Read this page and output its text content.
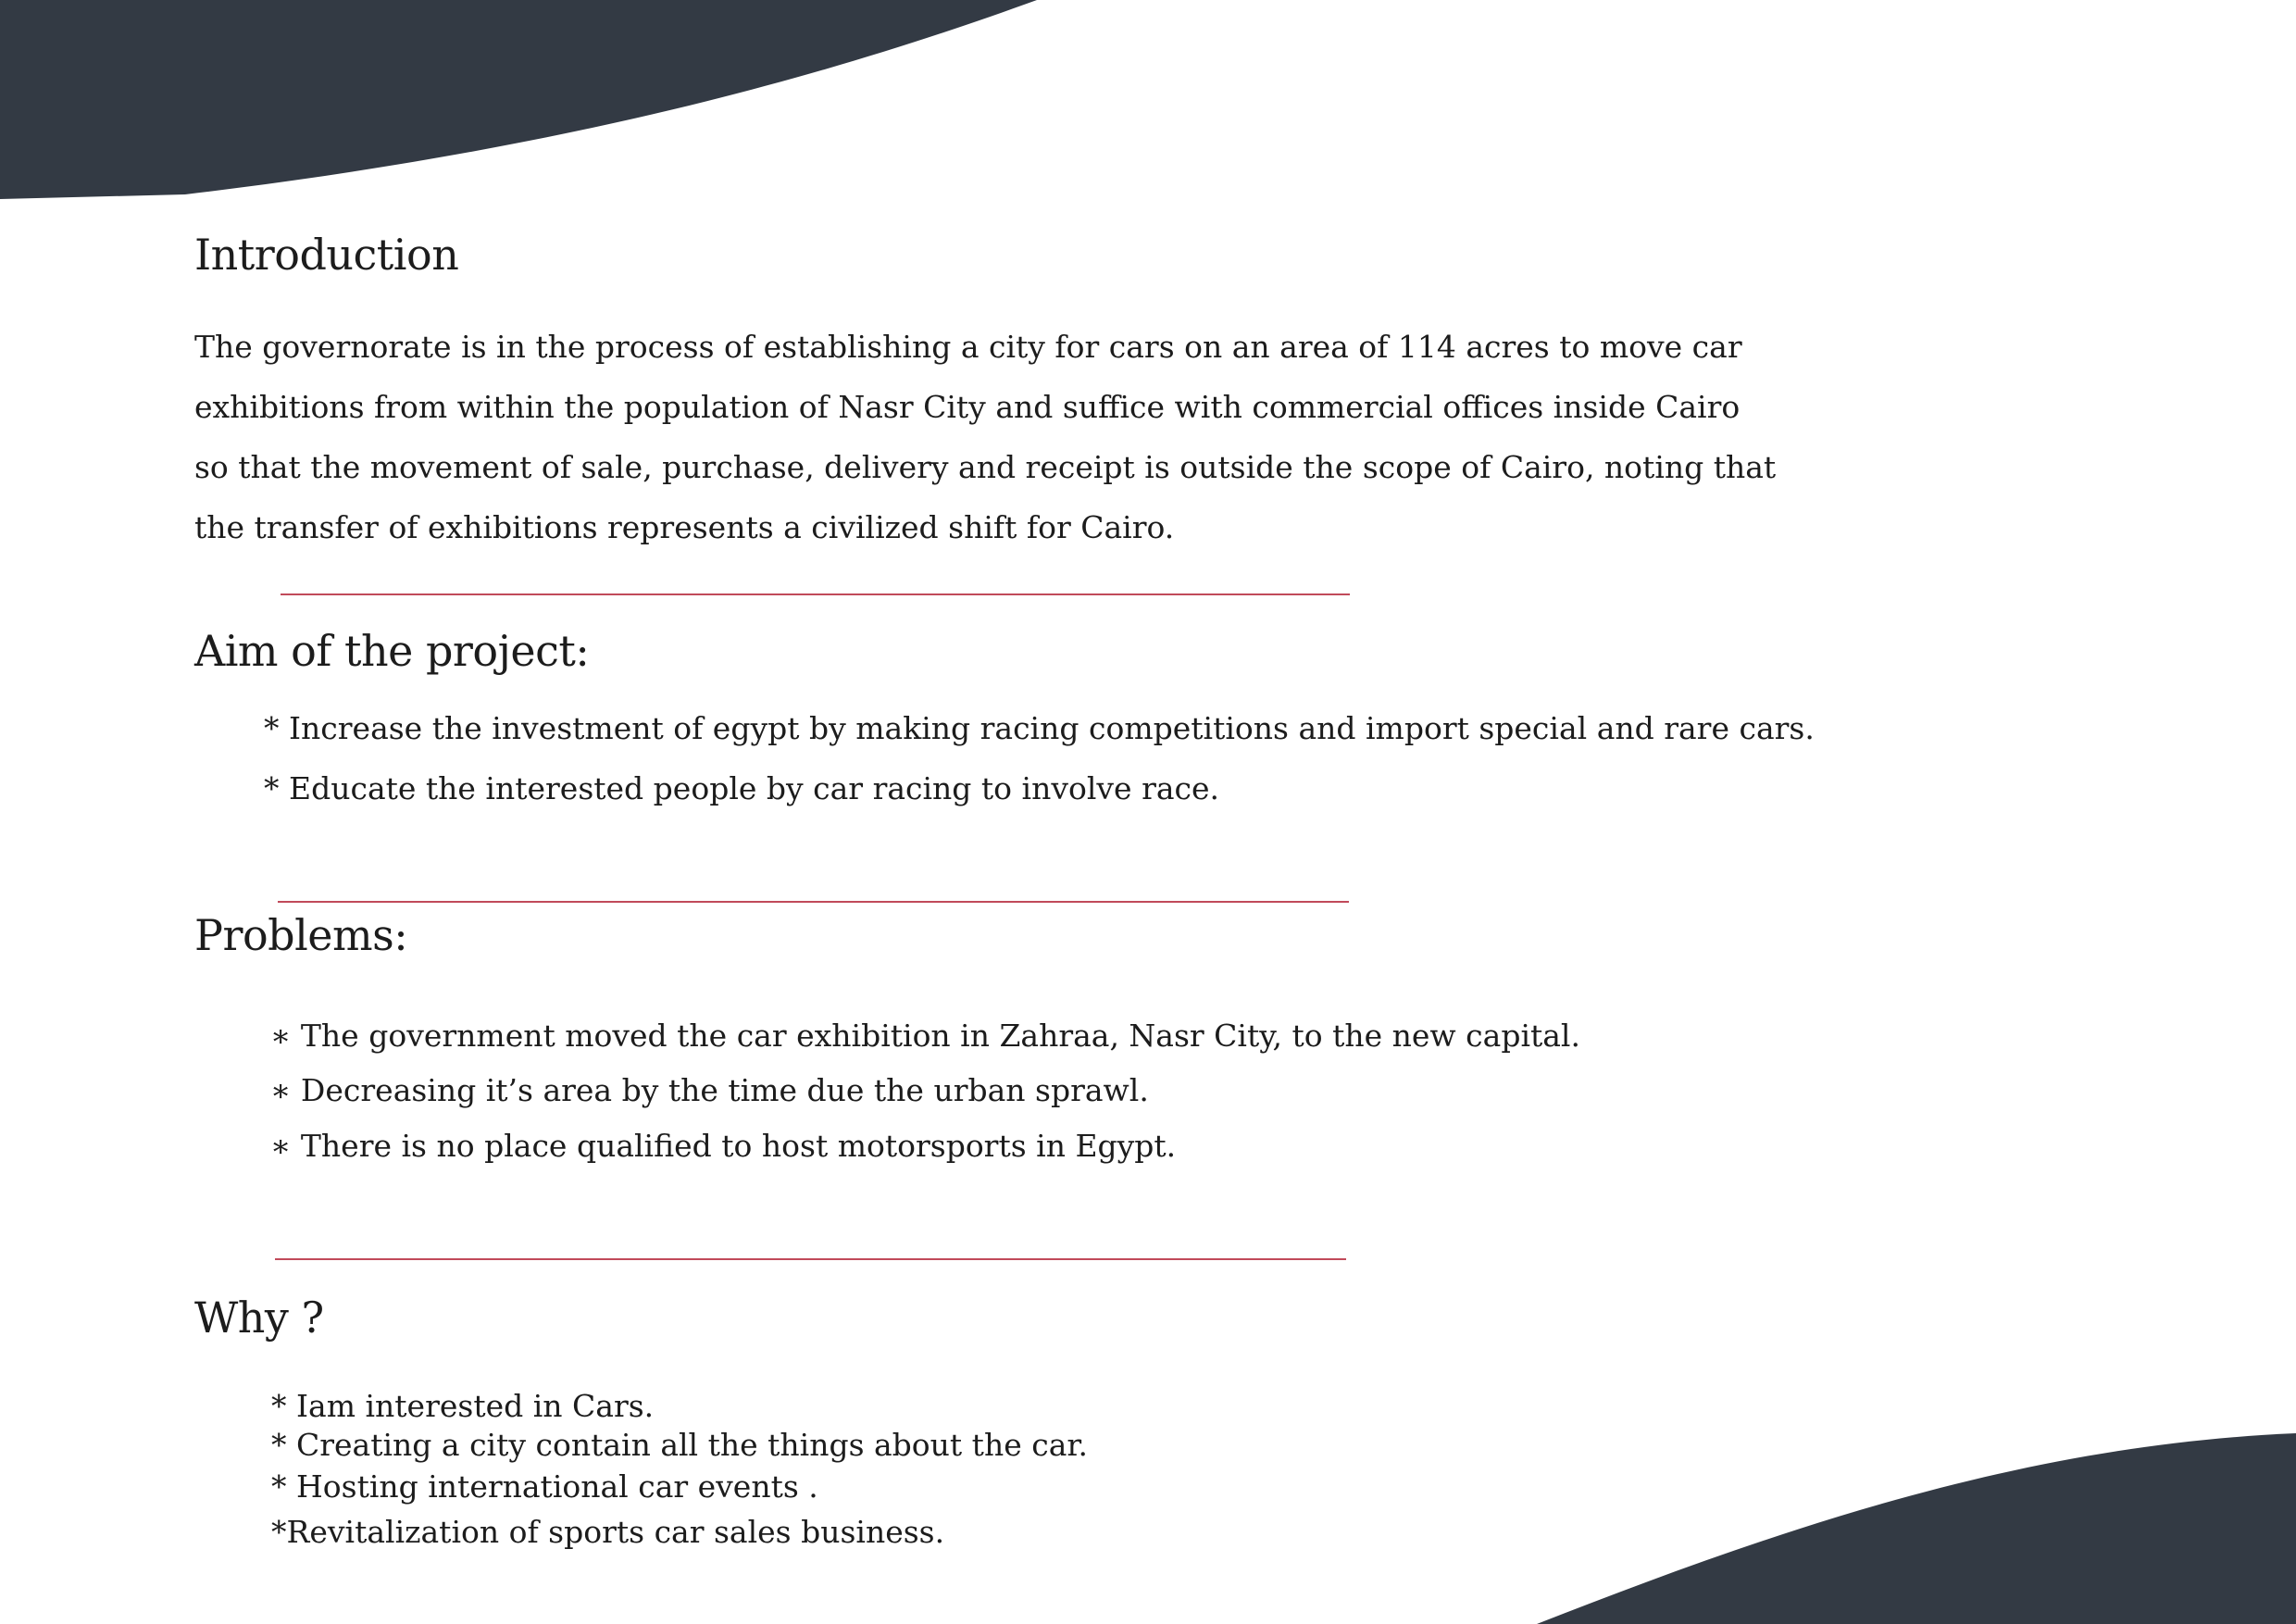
Introduction

The governorate is in the process of establishing a city for cars on an area of 114 acres to move car

exhibitions from within the population of Nasr City and suffice with commercial offices inside Cairo

so that the movement of sale, purchase, delivery and receipt is outside the scope of Cairo, noting that

the transfer of exhibitions represents a civilized shift for Cairo.

Aim of the project:

* Increase the investment of egypt by making racing competitions and import special and rare cars.

* Educate the interested people by car racing to involve race.

Problems:

∗ The government moved the car exhibition in Zahraa, Nasr City, to the new capital.

∗ Decreasing it’s area by the time due the urban sprawl.

∗ There is no place qualified to host motorsports in Egypt.

Why ?

* Iam interested in Cars.

* Creating a city contain all the things about the car.

* Hosting international car events .

*Revitalization of sports car sales business.
